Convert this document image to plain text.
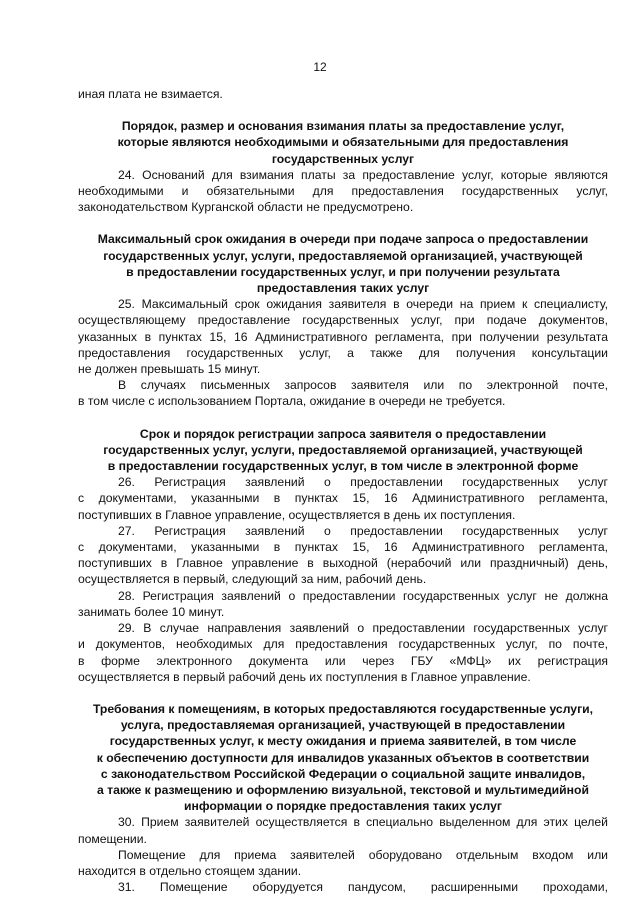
12
иная плата не взимается.
Порядок, размер и основания взимания платы за предоставление услуг,
которые являются необходимыми и обязательными для предоставления
государственных услуг
24. Оснований для взимания платы за предоставление услуг, которые являются
необходимыми и обязательными для предоставления государственных услуг,
законодательством Курганской области не предусмотрено.
Максимальный срок ожидания в очереди при подаче запроса о предоставлении
государственных услуг, услуги, предоставляемой организацией, участвующей
в предоставлении государственных услуг, и при получении результата
предоставления таких услуг
25. Максимальный срок ожидания заявителя в очереди на прием к специалисту,
осуществляющему предоставление государственных услуг, при подаче документов,
указанных в пунктах 15, 16 Административного регламента, при получении результата
предоставления государственных услуг, а также для получения консультации
не должен превышать 15 минут.
В случаях письменных запросов заявителя или по электронной почте,
в том числе с использованием Портала, ожидание в очереди не требуется.
Срок и порядок регистрации запроса заявителя о предоставлении
государственных услуг, услуги, предоставляемой организацией, участвующей
в предоставлении государственных услуг, в том числе в электронной форме
26. Регистрация заявлений о предоставлении государственных услуг
с документами, указанными в пунктах 15, 16 Административного регламента,
поступивших в Главное управление, осуществляется в день их поступления.
27. Регистрация заявлений о предоставлении государственных услуг
с документами, указанными в пунктах 15, 16 Административного регламента,
поступивших в Главное управление в выходной (нерабочий или праздничный) день,
осуществляется в первый, следующий за ним, рабочий день.
28. Регистрация заявлений о предоставлении государственных услуг не должна
занимать более 10 минут.
29. В случае направления заявлений о предоставлении государственных услуг
и документов, необходимых для предоставления государственных услуг, по почте,
в форме электронного документа или через ГБУ «МФЦ» их регистрация
осуществляется в первый рабочий день их поступления в Главное управление.
Требования к помещениям, в которых предоставляются государственные услуги,
услуга, предоставляемая организацией, участвующей в предоставлении
государственных услуг, к месту ожидания и приема заявителей, в том числе
к обеспечению доступности для инвалидов указанных объектов в соответствии
с законодательством Российской Федерации о социальной защите инвалидов,
а также к размещению и оформлению визуальной, текстовой и мультимедийной
информации о порядке предоставления таких услуг
30. Прием заявителей осуществляется в специально выделенном для этих целей
помещении.
Помещение для приема заявителей оборудовано отдельным входом или
находится в отдельно стоящем здании.
31. Помещение оборудуется пандусом, расширенными проходами,
